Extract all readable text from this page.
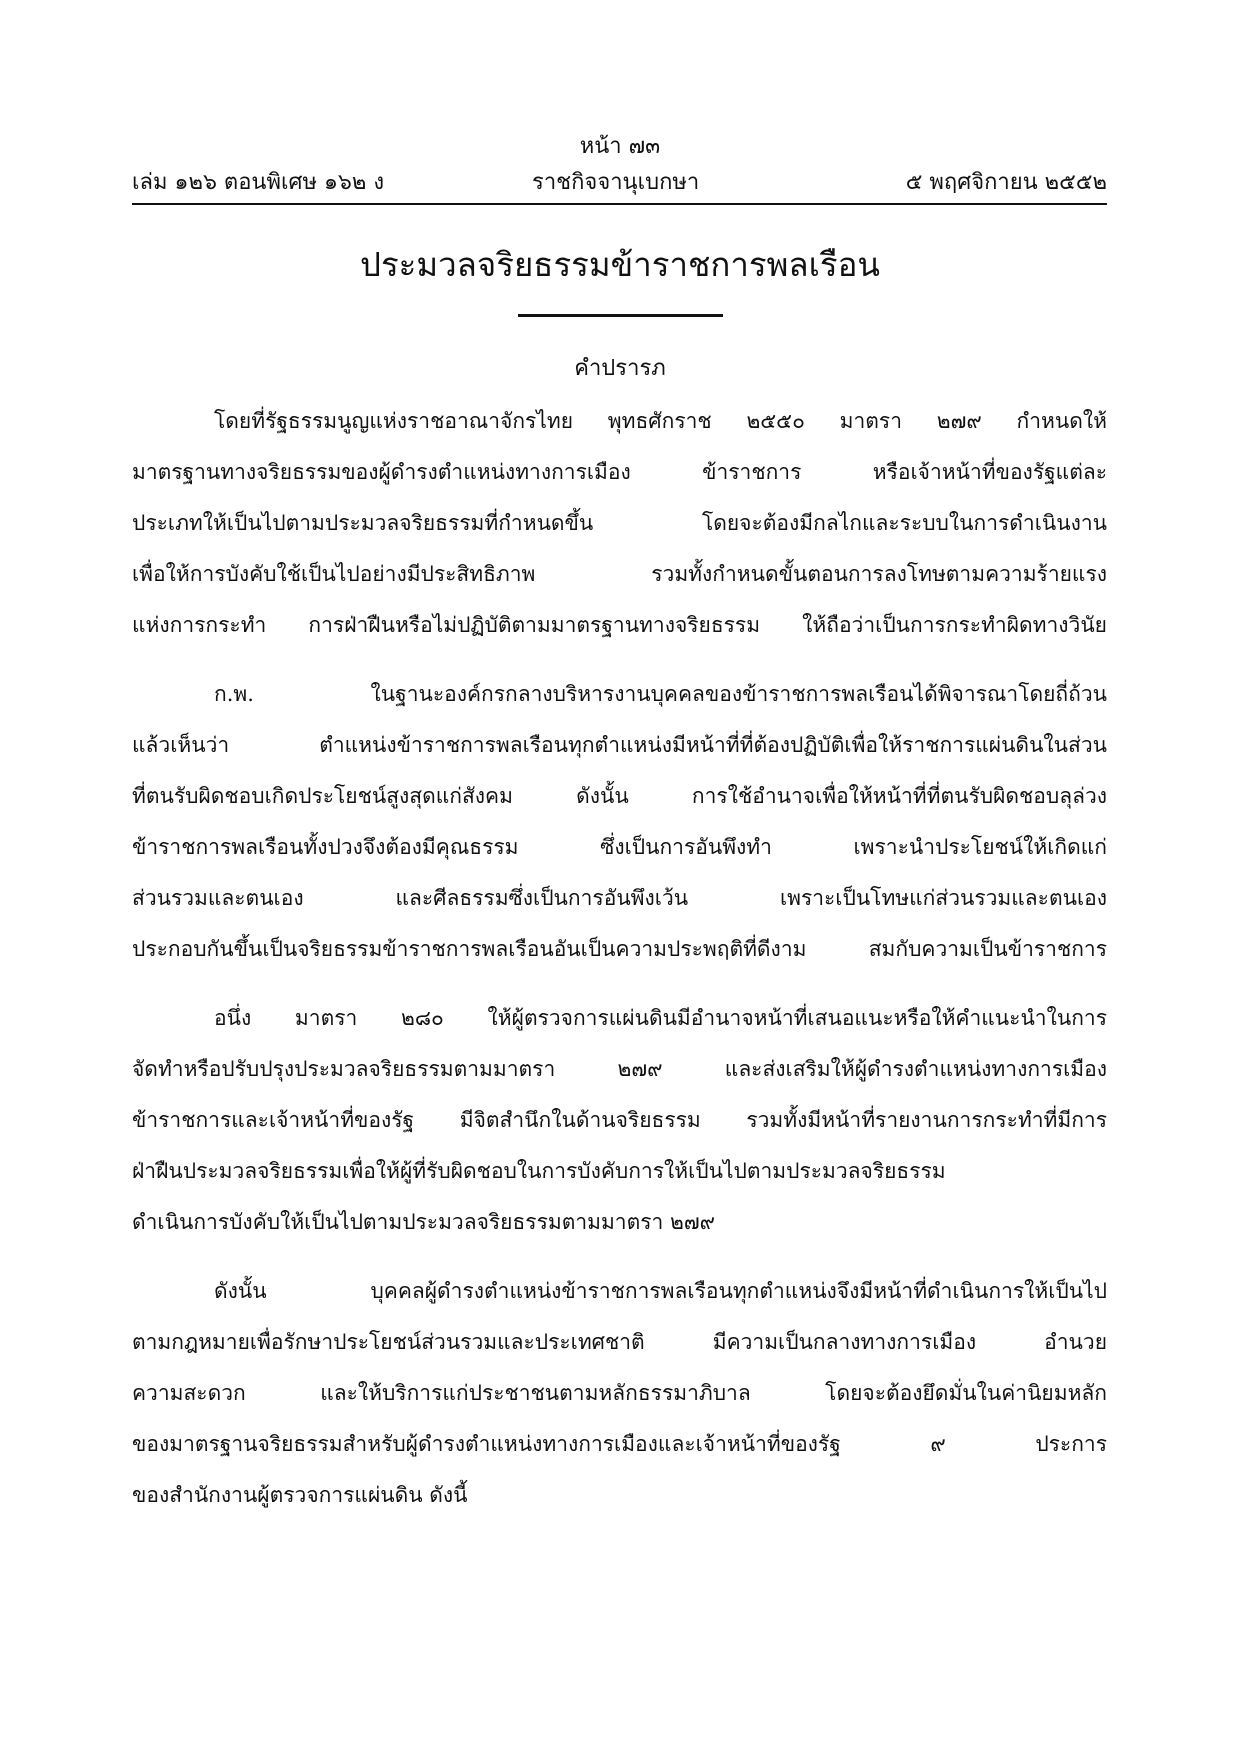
หน้า ๗๓
เล่ม ๑๒๖ ตอนพิเศษ ๑๖๒ ง	ราชกิจจานุเบกษา	๕ พฤศจิกายน ๒๕๕๒
ประมวลจริยธรรมข้าราชการพลเรือน
คำปรารภ
โดยที่รัฐธรรมนูญแห่งราชอาณาจักรไทย พุทธศักราช ๒๕๕๐ มาตรา ๒๗๙ กำหนดให้
มาตรฐานทางจริยธรรมของผู้ดำรงตำแหน่งทางการเมือง ข้าราชการ หรือเจ้าหน้าที่ของรัฐแต่ละ
ประเภทให้เป็นไปตามประมวลจริยธรรมที่กำหนดขึ้น โดยจะต้องมีกลไกและระบบในการดำเนินงาน
เพื่อให้การบังคับใช้เป็นไปอย่างมีประสิทธิภาพ รวมทั้งกำหนดขั้นตอนการลงโทษตามความร้ายแรง
แห่งการกระทำ การฝ่าฝืนหรือไม่ปฏิบัติตามมาตรฐานทางจริยธรรม ให้ถือว่าเป็นการกระทำผิดทางวินัย
ก.พ. ในฐานะองค์กรกลางบริหารงานบุคคลของข้าราชการพลเรือนได้พิจารณาโดยถี่ถ้วน
แล้วเห็นว่า ตำแหน่งข้าราชการพลเรือนทุกตำแหน่งมีหน้าที่ที่ต้องปฏิบัติเพื่อให้ราชการแผ่นดินในส่วน
ที่ตนรับผิดชอบเกิดประโยชน์สูงสุดแก่สังคม ดังนั้น การใช้อำนาจเพื่อให้หน้าที่ที่ตนรับผิดชอบลุล่วง
ข้าราชการพลเรือนทั้งปวงจึงต้องมีคุณธรรม ซึ่งเป็นการอันพึงทำ เพราะนำประโยชน์ให้เกิดแก่
ส่วนรวมและตนเอง และศีลธรรมซึ่งเป็นการอันพึงเว้น เพราะเป็นโทษแก่ส่วนรวมและตนเอง
ประกอบกันขึ้นเป็นจริยธรรมข้าราชการพลเรือนอันเป็นความประพฤติที่ดีงาม สมกับความเป็นข้าราชการ
อนึ่ง มาตรา ๒๘๐ ให้ผู้ตรวจการแผ่นดินมีอำนาจหน้าที่เสนอแนะหรือให้คำแนะนำในการ
จัดทำหรือปรับปรุงประมวลจริยธรรมตามมาตรา ๒๗๙ และส่งเสริมให้ผู้ดำรงตำแหน่งทางการเมือง
ข้าราชการและเจ้าหน้าที่ของรัฐ มีจิตสำนึกในด้านจริยธรรม รวมทั้งมีหน้าที่รายงานการกระทำที่มีการ
ฝ่าฝืนประมวลจริยธรรมเพื่อให้ผู้ที่รับผิดชอบในการบังคับการให้เป็นไปตามประมวลจริยธรรม
ดำเนินการบังคับให้เป็นไปตามประมวลจริยธรรมตามมาตรา ๒๗๙
ดังนั้น บุคคลผู้ดำรงตำแหน่งข้าราชการพลเรือนทุกตำแหน่งจึงมีหน้าที่ดำเนินการให้เป็นไป
ตามกฎหมายเพื่อรักษาประโยชน์ส่วนรวมและประเทศชาติ มีความเป็นกลางทางการเมือง อำนวย
ความสะดวก และให้บริการแก่ประชาชนตามหลักธรรมาภิบาล โดยจะต้องยึดมั่นในค่านิยมหลัก
ของมาตรฐานจริยธรรมสำหรับผู้ดำรงตำแหน่งทางการเมืองและเจ้าหน้าที่ของรัฐ ๙ ประการ
ของสำนักงานผู้ตรวจการแผ่นดิน ดังนี้
